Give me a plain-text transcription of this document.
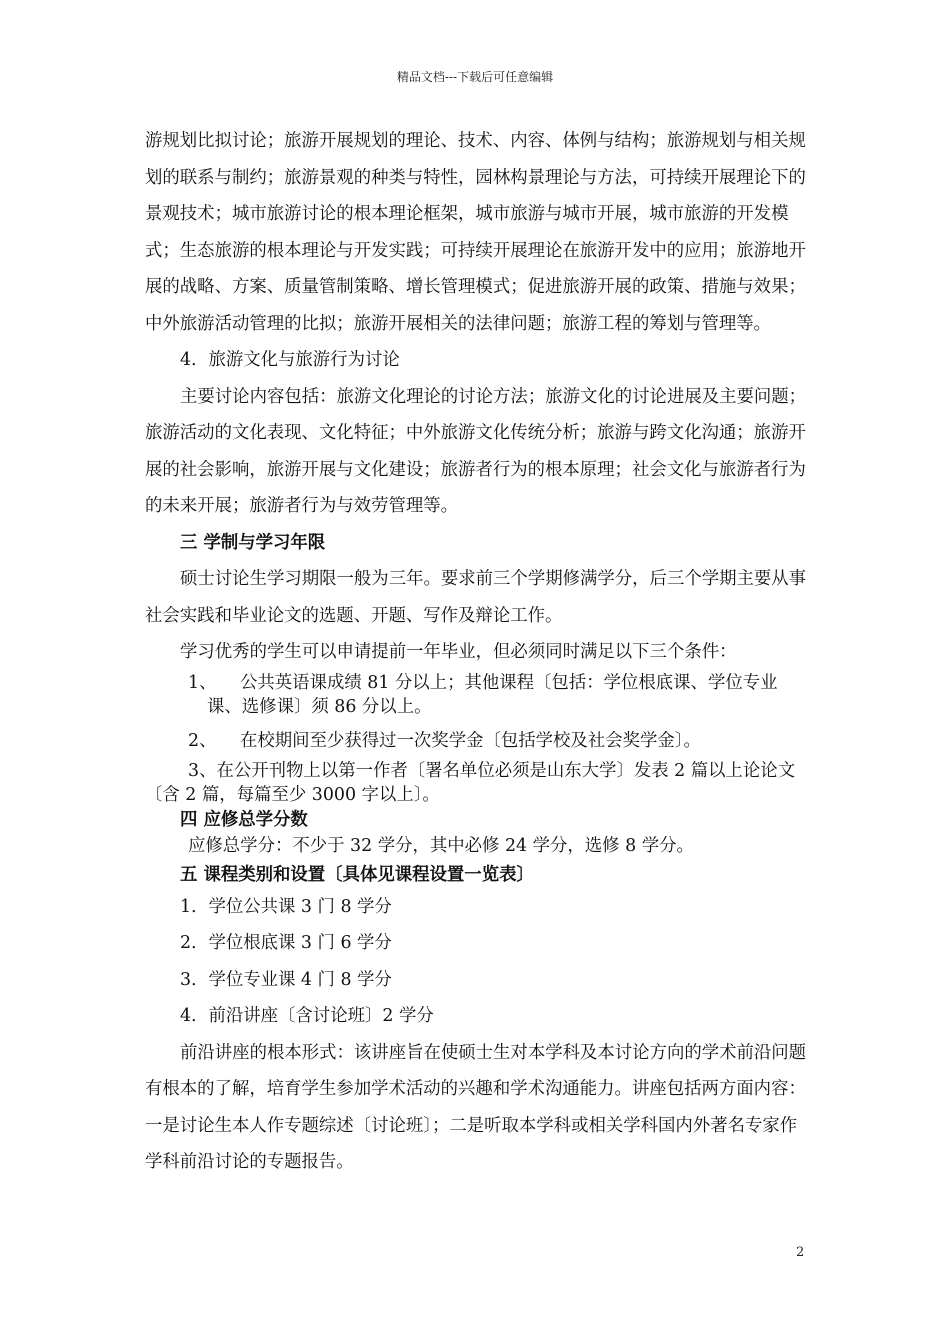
精品文档---下载后可任意编辑

游规划比拟讨论；旅游开展规划的理论、技术、内容、体例与结构；旅游规划与相关规划的联系与制约；旅游景观的种类与特性，园林构景理论与方法，可持续开展理论下的景观技术；城市旅游讨论的根本理论框架，城市旅游与城市开展，城市旅游的开发模式；生态旅游的根本理论与开发实践；可持续开展理论在旅游开发中的应用；旅游地开展的战略、方案、质量管制策略、增长管理模式；促进旅游开展的政策、措施与效果；中外旅游活动管理的比拟；旅游开展相关的法律问题；旅游工程的筹划与管理等。

4．旅游文化与旅游行为讨论

主要讨论内容包括：旅游文化理论的讨论方法；旅游文化的讨论进展及主要问题；旅游活动的文化表现、文化特征；中外旅游文化传统分析；旅游与跨文化沟通；旅游开展的社会影响，旅游开展与文化建设；旅游者行为的根本原理；社会文化与旅游者行为的未来开展；旅游者行为与效劳管理等。

三 学制与学习年限

硕士讨论生学习期限一般为三年。要求前三个学期修满学分，后三个学期主要从事社会实践和毕业论文的选题、开题、写作及辩论工作。

学习优秀的学生可以申请提前一年毕业，但必须同时满足以下三个条件：

1、 公共英语课成绩 81 分以上；其他课程〔包括：学位根底课、学位专业课、选修课〕须 86 分以上。

2、 在校期间至少获得过一次奖学金〔包括学校及社会奖学金〕。

3、在公开刊物上以第一作者〔署名单位必须是山东大学〕发表 2 篇以上论论文〔含 2 篇，每篇至少 3000 字以上〕。

四 应修总学分数

应修总学分：不少于 32 学分，其中必修 24 学分，选修 8 学分。

五 课程类别和设置〔具体见课程设置一览表〕

1．学位公共课 3 门 8 学分

2．学位根底课 3 门 6 学分

3．学位专业课 4 门 8 学分

4．前沿讲座〔含讨论班〕2 学分

前沿讲座的根本形式：该讲座旨在使硕士生对本学科及本讨论方向的学术前沿问题有根本的了解，培育学生参加学术活动的兴趣和学术沟通能力。讲座包括两方面内容：一是讨论生本人作专题综述〔讨论班〕；二是听取本学科或相关学科国内外著名专家作学科前沿讨论的专题报告。

2
